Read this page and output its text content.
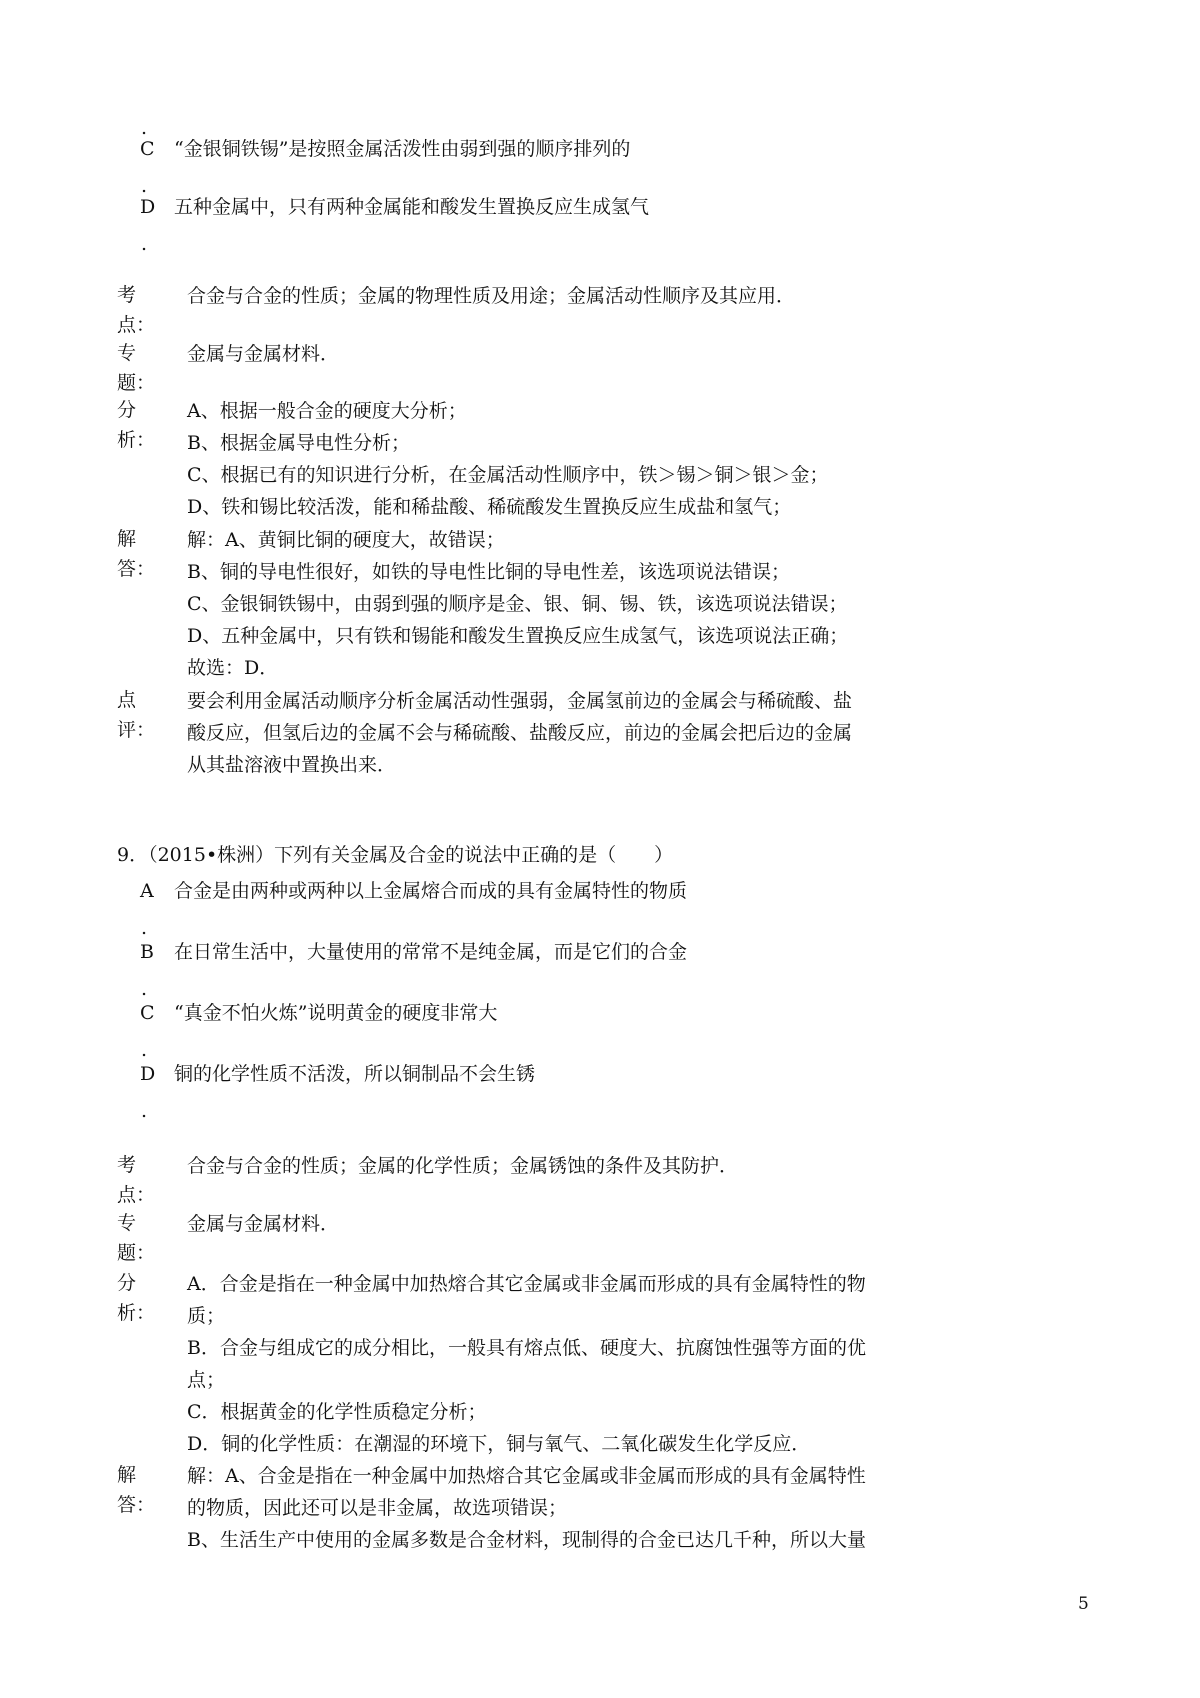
.
C “金银铜铁锡”是按照金属活泼性由弱到强的顺序排列的
.
D 五种金属中，只有两种金属能和酸发生置换反应生成氢气
.
考
点：

合金与合金的性质；金属的物理性质及用途；金属活动性顺序及其应用．

专
题：

金属与金属材料．

分
析：

A、根据一般合金的硬度大分析；

B、根据金属导电性分析；

C、根据已有的知识进行分析，在金属活动性顺序中，铁＞锡＞铜＞银＞金；

D、铁和锡比较活泼，能和稀盐酸、稀硫酸发生置换反应生成盐和氢气；

解
答：

解：A、黄铜比铜的硬度大，故错误；

B、铜的导电性很好，如铁的导电性比铜的导电性差，该选项说法错误；

C、金银铜铁锡中，由弱到强的顺序是金、银、铜、锡、铁，该选项说法错误；

D、五种金属中，只有铁和锡能和酸发生置换反应生成氢气，该选项说法正确；

故选：D．

点
评：

要会利用金属活动顺序分析金属活动性强弱，金属氢前边的金属会与稀硫酸、盐

酸反应，但氢后边的金属不会与稀硫酸、盐酸反应，前边的金属会把后边的金属

从其盐溶液中置换出来．

9．（2015•株洲）下列有关金属及合金的说法中正确的是（　　）
A 合金是由两种或两种以上金属熔合而成的具有金属特性的物质
.
B 在日常生活中，大量使用的常常不是纯金属，而是它们的合金
.
C “真金不怕火炼”说明黄金的硬度非常大
.
D 铜的化学性质不活泼，所以铜制品不会生锈
.
考
点：

合金与合金的性质；金属的化学性质；金属锈蚀的条件及其防护．

专
题：

金属与金属材料．

分
析：

A．合金是指在一种金属中加热熔合其它金属或非金属而形成的具有金属特性的物

质；

B．合金与组成它的成分相比，一般具有熔点低、硬度大、抗腐蚀性强等方面的优

点；

C．根据黄金的化学性质稳定分析；

D．铜的化学性质：在潮湿的环境下，铜与氧气、二氧化碳发生化学反应．

解
答：

解：A、合金是指在一种金属中加热熔合其它金属或非金属而形成的具有金属特性

的物质，因此还可以是非金属，故选项错误；

B、生活生产中使用的金属多数是合金材料，现制得的合金已达几千种，所以大量

5
